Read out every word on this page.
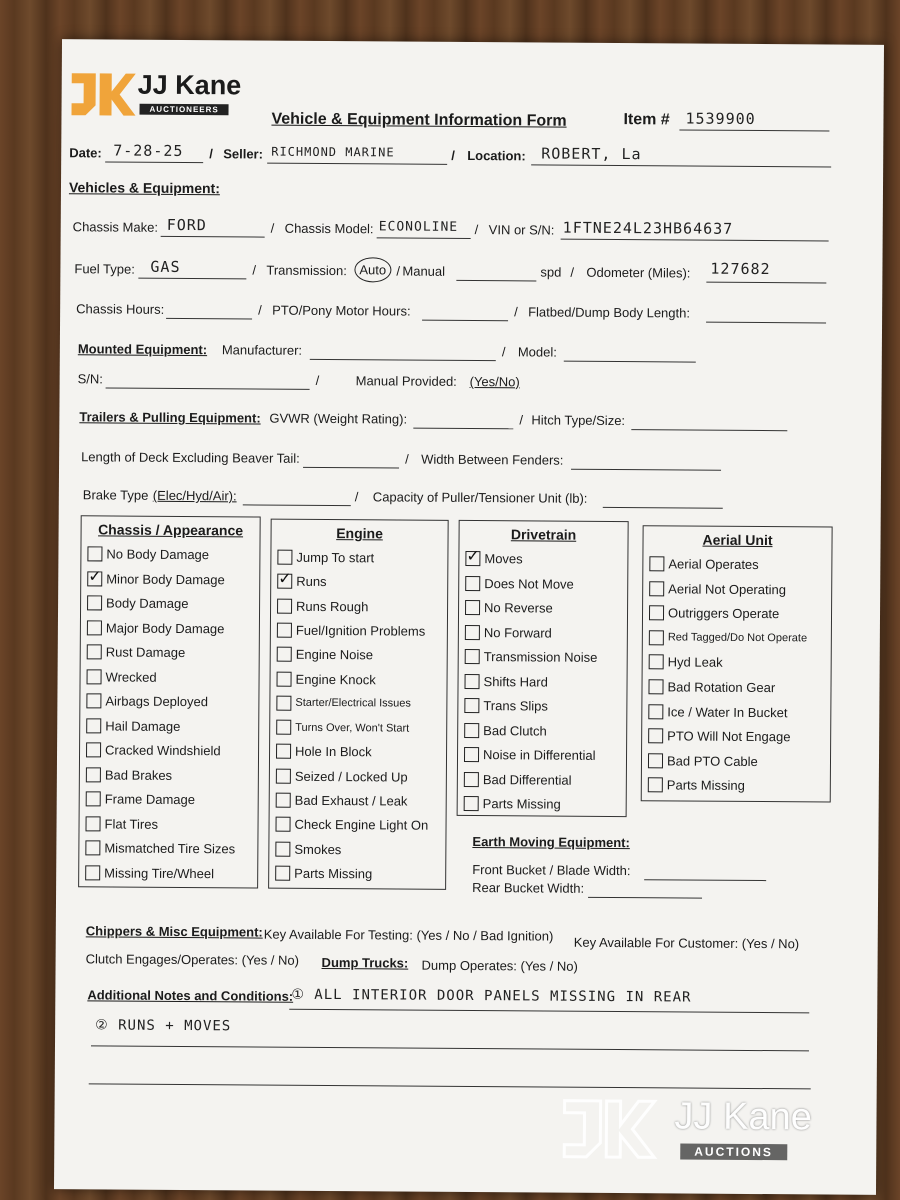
JJ Kane
AUCTIONEERS
Vehicle & Equipment Information Form	Item # 1539900
Date: 7-28-25 / Seller: RICHMOND MARINE	/ Location: ROBERT, La
Vehicles & Equipment:
Chassis Make: FORD	/ Chassis Model: ECONOLINE / VIN or S/N: 1FTNE24L23HB64637
Fuel Type: GAS	/ Transmission: Auto / Manual	spd / Odometer (Miles): 127682
Chassis Hours:	/ PTO/Pony Motor Hours:	/ Flatbed/Dump Body Length:
Mounted Equipment: Manufacturer:	/ Model:
S/N:	/	Manual Provided: (Yes/No)
Trailers & Pulling Equipment: GVWR (Weight Rating):	/ Hitch Type/Size:
Length of Deck Excluding Beaver Tail:	/ Width Between Fenders:
Brake Type (Elec/Hyd/Air):	/ Capacity of Puller/Tensioner Unit (lb):
Chassis / Appearance
No Body Damage
✓
Minor Body Damage
Body Damage
Major Body Damage
Rust Damage
Wrecked
Airbags Deployed
Hail Damage
Cracked Windshield
Bad Brakes
Frame Damage
Flat Tires
Mismatched Tire Sizes
Missing Tire/Wheel
Engine
Jump To start
✓
Runs
Runs Rough
Fuel/Ignition Problems
Engine Noise
Engine Knock
Starter/Electrical Issues
Turns Over, Won't Start
Hole In Block
Seized / Locked Up
Bad Exhaust / Leak
Check Engine Light On
Smokes
Parts Missing
Drivetrain
✓
Moves
Does Not Move
No Reverse
No Forward
Transmission Noise
Shifts Hard
Trans Slips
Bad Clutch
Noise in Differential
Bad Differential
Parts Missing
Aerial Unit
Aerial Operates
Aerial Not Operating
Outriggers Operate
Red Tagged/Do Not Operate
Hyd Leak
Bad Rotation Gear
Ice / Water In Bucket
PTO Will Not Engage
Bad PTO Cable
Parts Missing
Earth Moving Equipment:
Front Bucket / Blade Width:
Rear Bucket Width:
Chippers & Misc Equipment: Key Available For Testing: (Yes / No / Bad Ignition) Key Available For Customer: (Yes / No)
Clutch Engages/Operates: (Yes / No) Dump Trucks: Dump Operates: (Yes / No)
Additional Notes and Conditions:
① ALL INTERIOR DOOR PANELS MISSING IN REAR
② RUNS + MOVES
JJ Kane
AUCTIONS
